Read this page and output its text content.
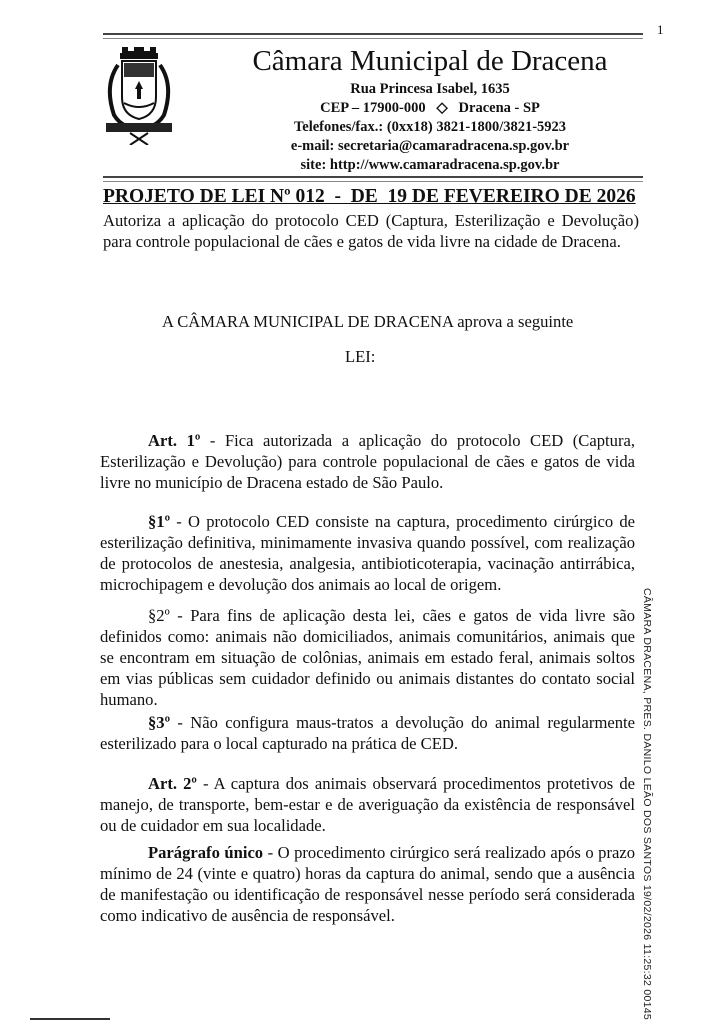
1
Câmara Municipal de Dracena
Rua Princesa Isabel, 1635
CEP – 17900-000   ◇   Dracena - SP
Telefones/fax.: (0xx18) 3821-1800/3821-5923
e-mail: secretaria@camaradracena.sp.gov.br
site: http://www.camaradracena.sp.gov.br
PROJETO DE LEI Nº 012  -  DE  19 DE FEVEREIRO DE 2026
Autoriza a aplicação do protocolo CED (Captura, Esterilização e Devolução) para controle populacional de cães e gatos de vida livre na cidade de Dracena.
A CÂMARA MUNICIPAL DE DRACENA aprova a seguinte
LEI:
Art. 1º - Fica autorizada a aplicação do protocolo CED (Captura, Esterilização e Devolução) para controle populacional de cães e gatos de vida livre no município de Dracena estado de São Paulo.
§1º - O protocolo CED consiste na captura, procedimento cirúrgico de esterilização definitiva, minimamente invasiva quando possível, com realização de protocolos de anestesia, analgesia, antibioticoterapia, vacinação antirrábica, microchipagem e devolução dos animais ao local de origem.
§2º - Para fins de aplicação desta lei, cães e gatos de vida livre são definidos como: animais não domiciliados, animais comunitários, animais que se encontram em situação de colônias, animais em estado feral, animais soltos em vias públicas sem cuidador definido ou animais distantes do contato social humano.
§3º - Não configura maus-tratos a devolução do animal regularmente esterilizado para o local capturado na prática de CED.
Art. 2º - A captura dos animais observará procedimentos protetivos de manejo, de transporte, bem-estar e de averiguação da existência de responsável ou de cuidador em sua localidade.
Parágrafo único - O procedimento cirúrgico será realizado após o prazo mínimo de 24 (vinte e quatro) horas da captura do animal, sendo que a ausência de manifestação ou identificação de responsável nesse período será considerada como indicativo de ausência de responsável.	CÂMARA DRACENA, PRES. DANILO LEÃO DOS SANTOS 19/02/2026 11:25:32 00145
